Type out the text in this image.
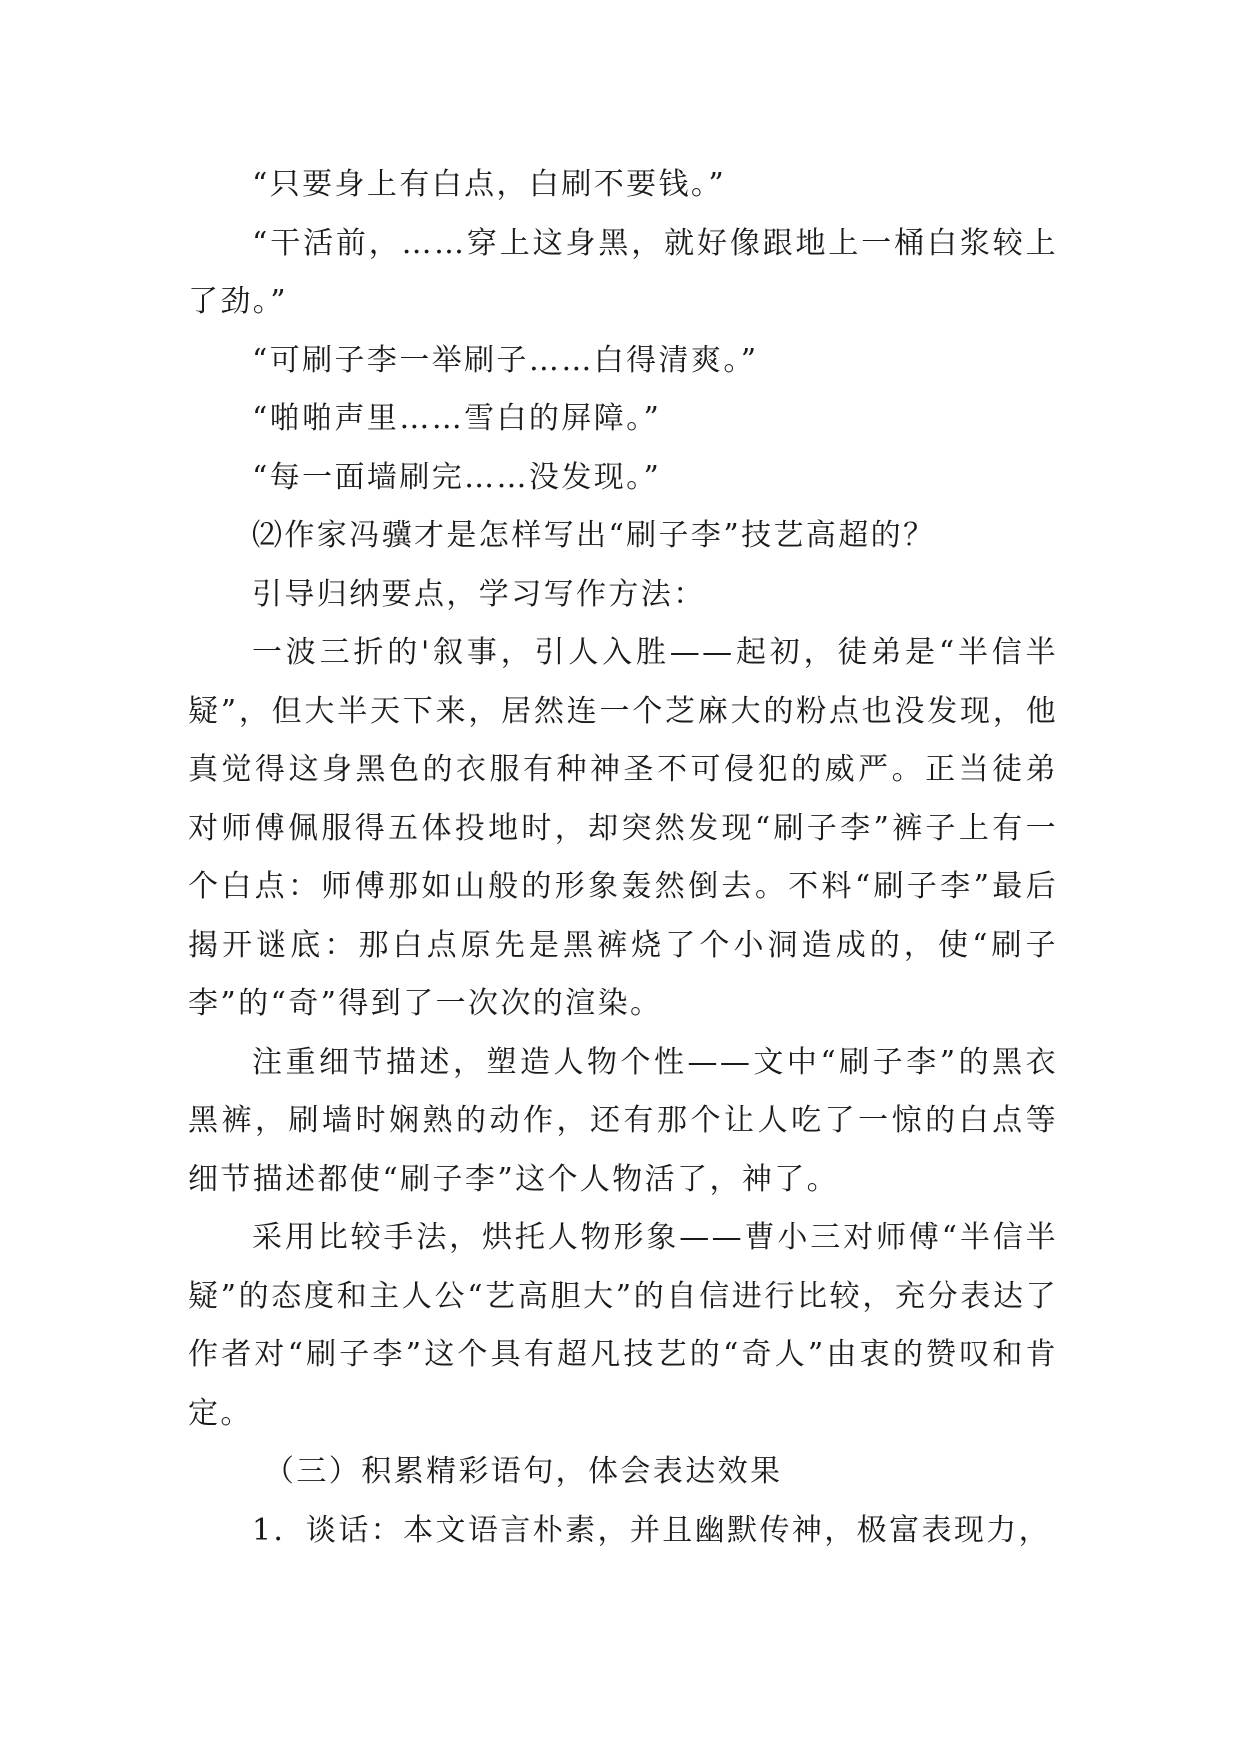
“只要身上有白点，白刷不要钱。”

“干活前，……穿上这身黑，就好像跟地上一桶白浆较上了劲。”

“可刷子李一举刷子……白得清爽。”

“啪啪声里……雪白的屏障。”

“每一面墙刷完……没发现。”

⑵作家冯骥才是怎样写出“刷子李”技艺高超的？

引导归纳要点，学习写作方法：

一波三折的'叙事，引人入胜——起初，徒弟是“半信半疑”，但大半天下来，居然连一个芝麻大的粉点也没发现，他真觉得这身黑色的衣服有种神圣不可侵犯的威严。正当徒弟对师傅佩服得五体投地时，却突然发现“刷子李”裤子上有一个白点：师傅那如山般的形象轰然倒去。不料“刷子李”最后揭开谜底：那白点原先是黑裤烧了个小洞造成的，使“刷子李”的“奇”得到了一次次的渲染。

注重细节描述，塑造人物个性——文中“刷子李”的黑衣黑裤，刷墙时娴熟的动作，还有那个让人吃了一惊的白点等细节描述都使“刷子李”这个人物活了，神了。

采用比较手法，烘托人物形象——曹小三对师傅“半信半疑”的态度和主人公“艺高胆大”的自信进行比较，充分表达了作者对“刷子李”这个具有超凡技艺的“奇人”由衷的赞叹和肯定。

（三）积累精彩语句，体会表达效果

1．谈话：本文语言朴素，并且幽默传神，极富表现力，
